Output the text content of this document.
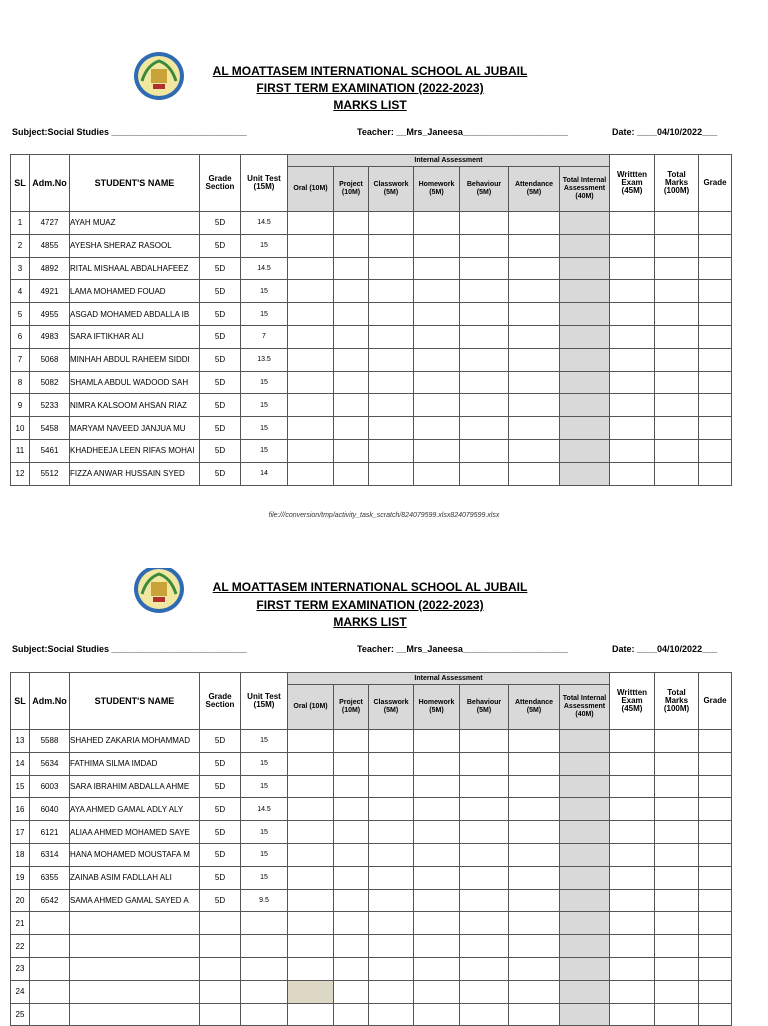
AL MOATTASEM INTERNATIONAL SCHOOL AL JUBAIL
FIRST TERM EXAMINATION (2022-2023)
MARKS LIST
Subject:Social Studies ___________________________	Teacher: __Mrs_Janeesa_____________________	Date: ____04/10/2022___
SL	Adm.No	STUDENT'S NAME	Grade Section	Unit Test (15M)	Internal Assessment							Writtten Exam (45M)	Total Marks (100M)	Grade
					Oral (10M)	Project (10M)	Classwork (5M)	Homework (5M)	Behaviour (5M)	Attendance (5M)	Total Internal Assessment (40M)			
1	4727	AYAH MUAZ	5D	14.5										
2	4855	AYESHA SHERAZ RASOOL	5D	15										
3	4892	RITAL MISHAAL ABDALHAFEEZ	5D	14.5										
4	4921	LAMA MOHAMED FOUAD	5D	15										
5	4955	ASGAD MOHAMED ABDALLA IB	5D	15										
6	4983	SARA IFTIKHAR ALI	5D	7										
7	5068	MINHAH ABDUL RAHEEM SIDDI	5D	13.5										
8	5082	SHAMLA ABDUL WADOOD SAH	5D	15										
9	5233	NIMRA KALSOOM AHSAN RIAZ	5D	15										
10	5458	MARYAM NAVEED JANJUA MU	5D	15										
11	5461	KHADHEEJA LEEN RIFAS MOHAI	5D	15										
12	5512	FIZZA ANWAR HUSSAIN SYED	5D	14										
file:///conversion/tmp/activity_task_scratch/824079599.xlsx824079599.xlsx
AL MOATTASEM INTERNATIONAL SCHOOL AL JUBAIL
FIRST TERM EXAMINATION (2022-2023)
MARKS LIST
Subject:Social Studies ___________________________	Teacher: __Mrs_Janeesa_____________________	Date: ____04/10/2022___
SL	Adm.No	STUDENT'S NAME	Grade Section	Unit Test (15M)	Internal Assessment							Writtten Exam (45M)	Total Marks (100M)	Grade
					Oral (10M)	Project (10M)	Classwork (5M)	Homework (5M)	Behaviour (5M)	Attendance (5M)	Total Internal Assessment (40M)			
13	5588	SHAHED ZAKARIA MOHAMMAD	5D	15										
14	5634	FATHIMA SILMA IMDAD	5D	15										
15	6003	SARA IBRAHIM ABDALLA AHME	5D	15										
16	6040	AYA AHMED GAMAL ADLY ALY	5D	14.5										
17	6121	ALIAA AHMED MOHAMED SAYE	5D	15										
18	6314	HANA MOHAMED MOUSTAFA M	5D	15										
19	6355	ZAINAB ASIM FADLLAH ALI	5D	15										
20	6542	SAMA AHMED GAMAL SAYED A	5D	9.5										
21														
22														
23														
24														
25														
